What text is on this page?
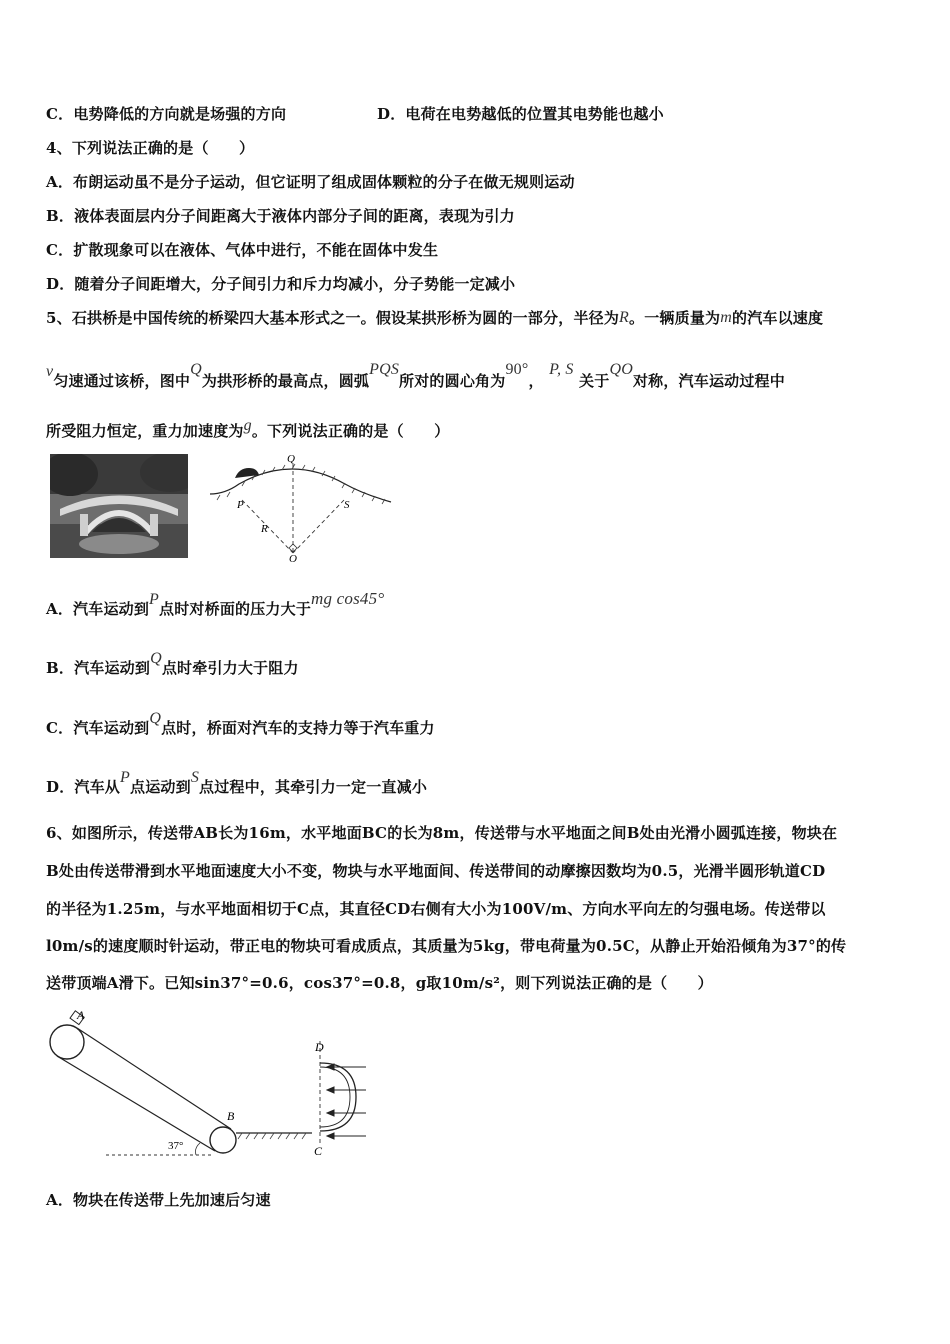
C．电势降低的方向就是场强的方向	D．电荷在电势越低的位置其电势能也越小
4、下列说法正确的是（　　）
A．布朗运动虽不是分子运动，但它证明了组成固体颗粒的分子在做无规则运动
B．液体表面层内分子间距离大于液体内部分子间的距离，表现为引力
C．扩散现象可以在液体、气体中进行，不能在固体中发生
D．随着分子间距增大，分子间引力和斥力均减小，分子势能一定减小
5、石拱桥是中国传统的桥梁四大基本形式之一。假设某拱形桥为圆的一部分，半径为R。一辆质量为m的汽车以速度
v匀速通过该桥，图中Q为拱形桥的最高点，圆弧PQS所对的圆心角为90°， P, S 关于QO对称，汽车运动过程中
所受阻力恒定，重力加速度为g。下列说法正确的是（　　）
Q
P	S
R
O
A．汽车运动到P点时对桥面的压力大于mg cos45°
B．汽车运动到Q点时牵引力大于阻力
C．汽车运动到Q点时，桥面对汽车的支持力等于汽车重力
D．汽车从P点运动到S点过程中，其牵引力一定一直减小
6、如图所示，传送带AB长为16m，水平地面BC的长为8m，传送带与水平地面之间B处由光滑小圆弧连接，物块在
B处由传送带滑到水平地面速度大小不变，物块与水平地面间、传送带间的动摩擦因数均为0.5，光滑半圆形轨道CD
的半径为1.25m，与水平地面相切于C点，其直径CD右侧有大小为100V/m、方向水平向左的匀强电场。传送带以
l0m/s的速度顺时针运动，带正电的物块可看成质点，其质量为5kg，带电荷量为0.5C，从静止开始沿倾角为37°的传
送带顶端A滑下。已知sin37°=0.6，cos37°=0.8，g取10m/s²，则下列说法正确的是（　　）
37°
B
A
D
C
A．物块在传送带上先加速后匀速
